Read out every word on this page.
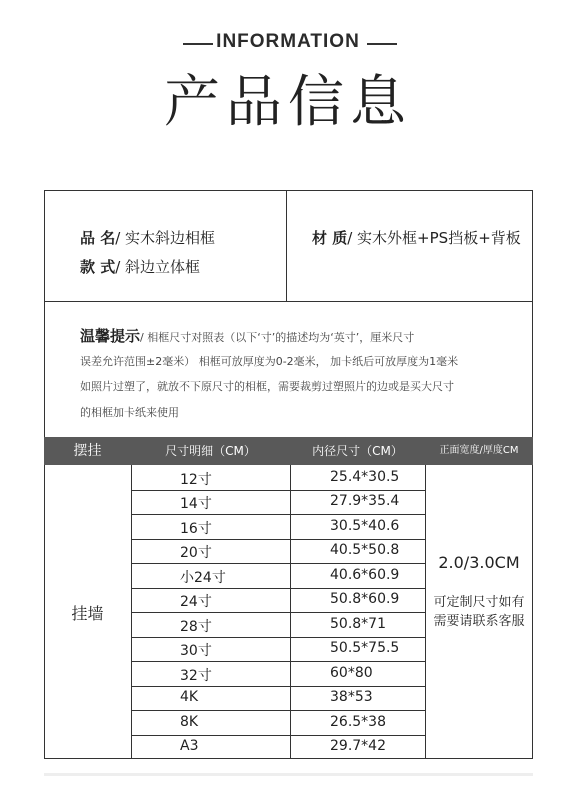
INFORMATION
产品信息
品 名/ 实木斜边相框
款 式/ 斜边立体框
材 质/ 实木外框+PS挡板+背板
温馨提示/ 相框尺寸对照表（以下‘寸’的描述均为‘英寸’，厘米尺寸
误差允许范围±2毫米） 相框可放厚度为0-2毫米， 加卡纸后可放厚度为1毫米
如照片过塑了，就放不下原尺寸的相框，需要裁剪过塑照片的边或是买大尺寸
的相框加卡纸来使用
摆挂	尺寸明细（CM）	内径尺寸（CM）	正面宽度/厚度CM
挂墙
12寸	25.4*30.5
14寸	27.9*35.4
16寸	30.5*40.6
20寸	40.5*50.8
小24寸	40.6*60.9
24寸	50.8*60.9
28寸	50.8*71
30寸	50.5*75.5
32寸	60*80
4K	38*53
8K	26.5*38
A3	29.7*42
2.0/3.0CM
可定制尺寸如有
需要请联系客服
